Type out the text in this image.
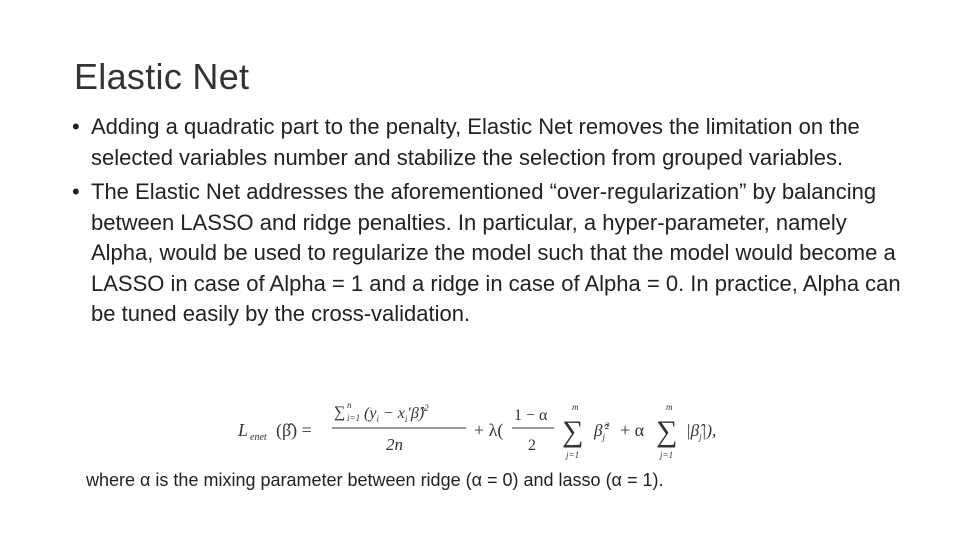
Elastic Net
• Adding a quadratic part to the penalty, Elastic Net removes the limitation on the selected variables number and stabilize the selection from grouped variables.
• The Elastic Net addresses the aforementioned “over-regularization” by balancing between LASSO and ridge penalties. In particular, a hyper-parameter, namely Alpha, would be used to regularize the model such that the model would become a LASSO in case of Alpha = 1 and a ridge in case of Alpha = 0. In practice, Alpha can be tuned easily by the cross-validation.
L enet (β̂) =
∑ i=1
n ($y_i$ − $x_i'\betâ)^2$
2n
+ λ(
1 − α
2
m
∑
j=1
$\betâ_j^2 + \alpha$
m
∑
j=1
$|\betâ_j|$),
where α is the mixing parameter between ridge (α = 0) and lasso (α = 1).
